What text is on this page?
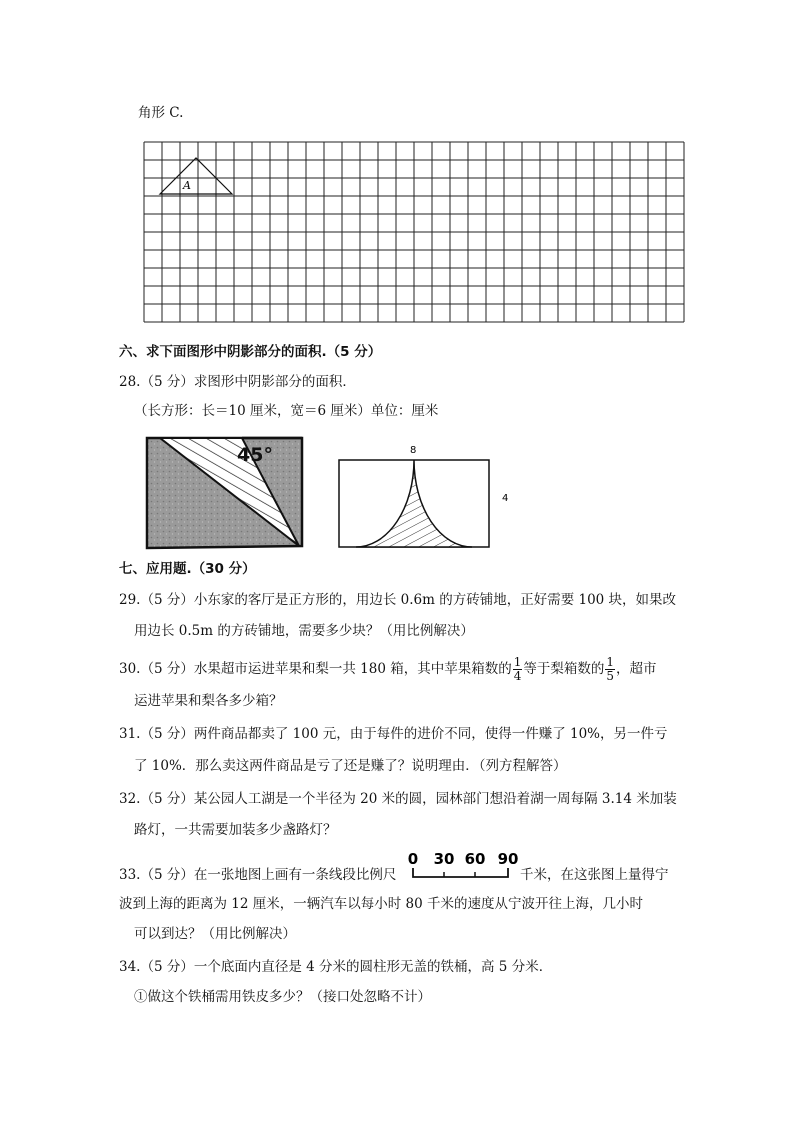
角形 C.
A
六、求下面图形中阴影部分的面积.（5 分）
28.（5 分）求图形中阴影部分的面积．
（长方形：长＝10 厘米，宽＝6 厘米）单位：厘米
45°	8
4
七、应用题.（30 分）
29.（5 分）小东家的客厅是正方形的，用边长 0.6m 的方砖铺地，正好需要 100 块，如果改
用边长 0.5m 的方砖铺地，需要多少块？（用比例解决）
30.（5 分）水果超市运进苹果和梨一共 180 箱，其中苹果箱数的 $\frac{1}{4}$ 等于梨箱数的 $\frac{1}{5}$ ，超市
运进苹果和梨各多少箱？
31.（5 分）两件商品都卖了 100 元，由于每件的进价不同，使得一件赚了 10%，另一件亏
了 10%．那么卖这两件商品是亏了还是赚了？说明理由．（列方程解答）
32.（5 分）某公园人工湖是一个半径为 20 米的圆，园林部门想沿着湖一周每隔 3.14 米加装
路灯，一共需要加装多少盏路灯？
33.（5 分）在一张地图上画有一条线段比例尺
0 30 60 90
千米，在这张图上量得宁
波到上海的距离为 12 厘米，一辆汽车以每小时 80 千米的速度从宁波开往上海，几小时
可以到达？（用比例解决）
34.（5 分）一个底面内直径是 4 分米的圆柱形无盖的铁桶，高 5 分米．
①做这个铁桶需用铁皮多少？（接口处忽略不计）
